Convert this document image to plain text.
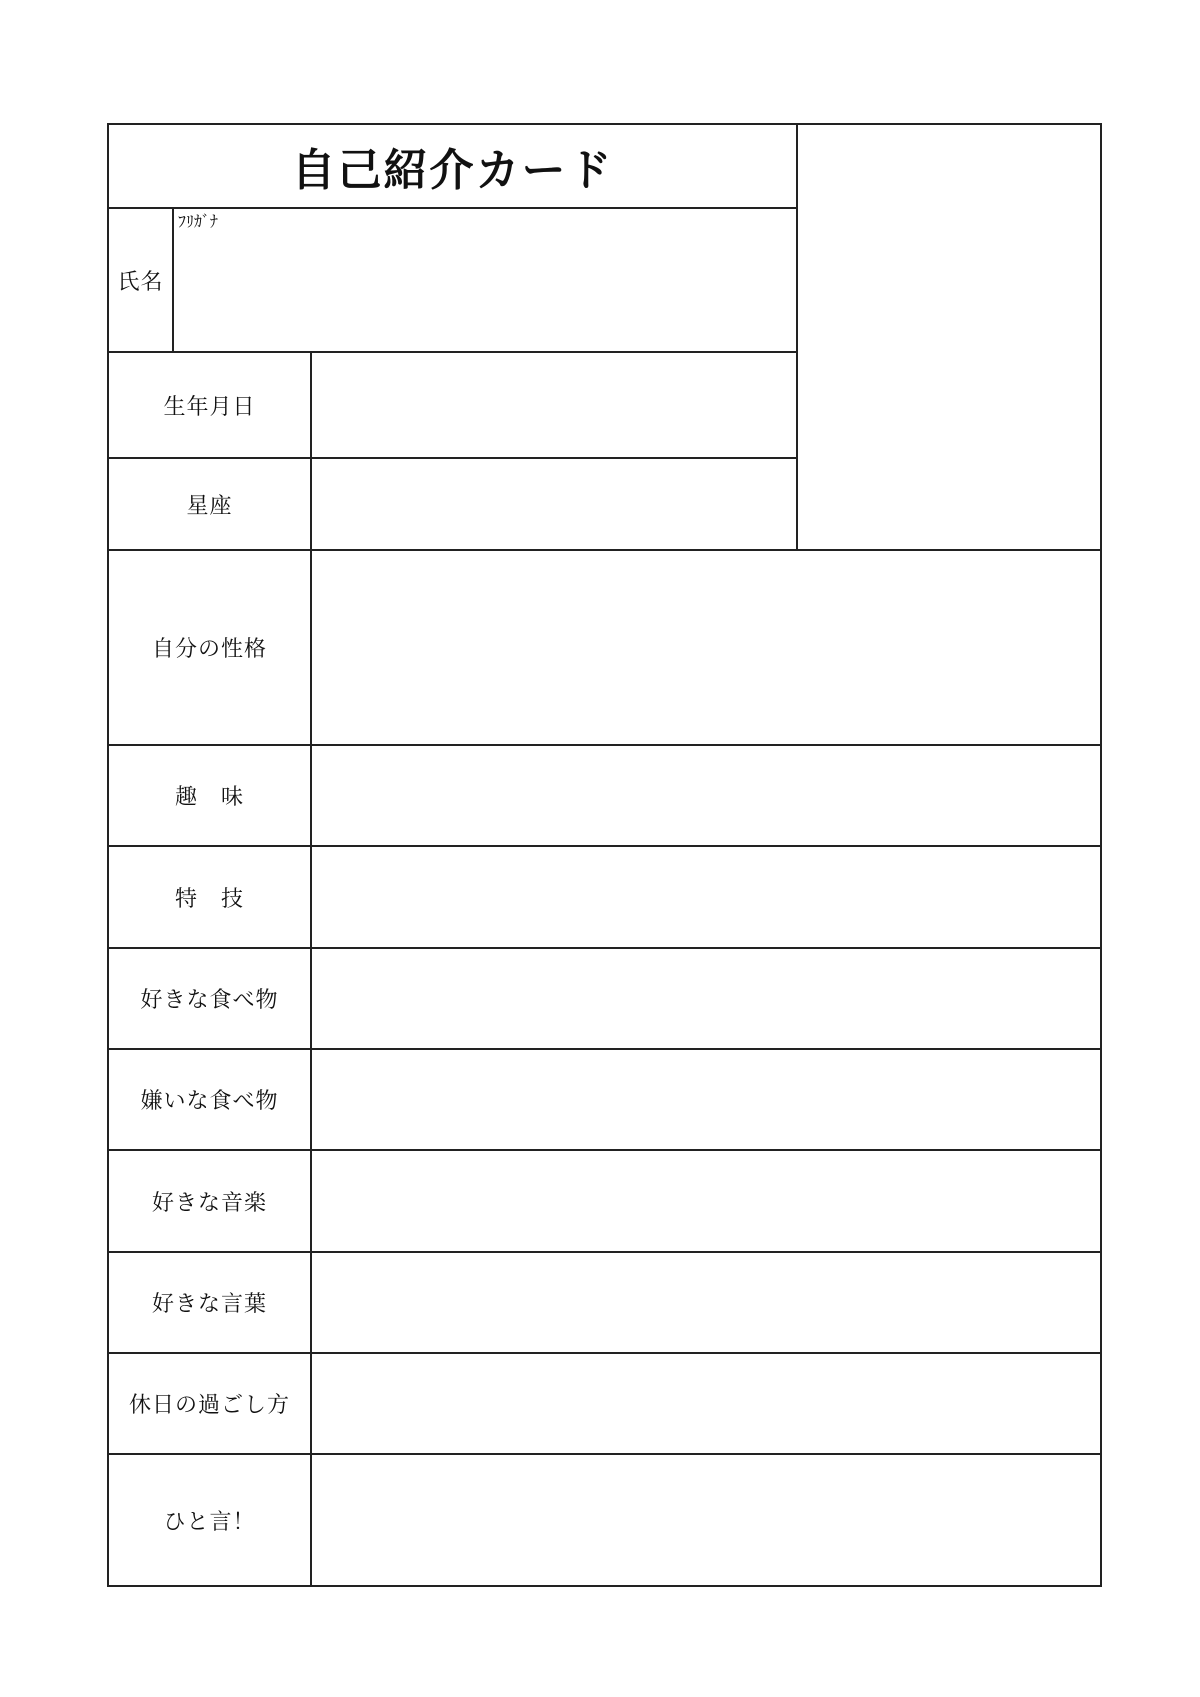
自己紹介カード
氏名
ﾌﾘｶﾞﾅ
生年月日
星座
自分の性格
趣　味
特　技
好きな食べ物
嫌いな食べ物
好きな音楽
好きな言葉
休日の過ごし方
ひと言！
